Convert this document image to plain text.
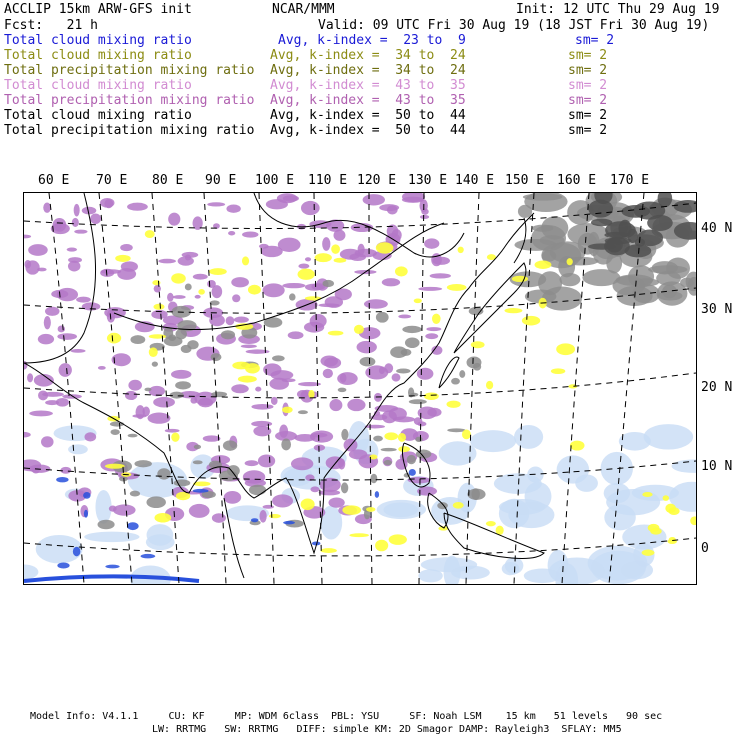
ACCLIP 15km ARW-GFS init	NCAR/MMM	Init: 12 UTC Thu 29 Aug 19
Fcst:   21 h	Valid: 09 UTC Fri 30 Aug 19 (18 JST Fri 30 Aug 19)
Total cloud mixing ratio	Avg, k-index =  23 to  9	sm= 2
Total cloud mixing ratio	Avg, k-index =  34 to  24	sm= 2
Total precipitation mixing ratio Avg, k-index =  34 to  24	sm= 2
Total cloud mixing ratio	Avg, k-index =  43 to  35	sm= 2
Total precipitation mixing ratio Avg, k-index =  43 to  35	sm= 2
Total cloud mixing ratio	Avg, k-index =  50 to  44	sm= 2
Total precipitation mixing ratio Avg, k-index =  50 to  44	sm= 2
60 E 70 E 80 E 90 E 100 E 110 E 120 E 130 E 140 E 150 E 160 E 170 E
40 N
30 N
20 N
10 N
0
Model Info: V4.1.1     CU: KF     MP: WDM 6class  PBL: YSU     SF: Noah LSM    15 km   51 levels   90 sec
LW: RRTMG   SW: RRTMG   DIFF: simple KM: 2D Smagor DAMP: Rayleigh3  SFLAY: MM5
